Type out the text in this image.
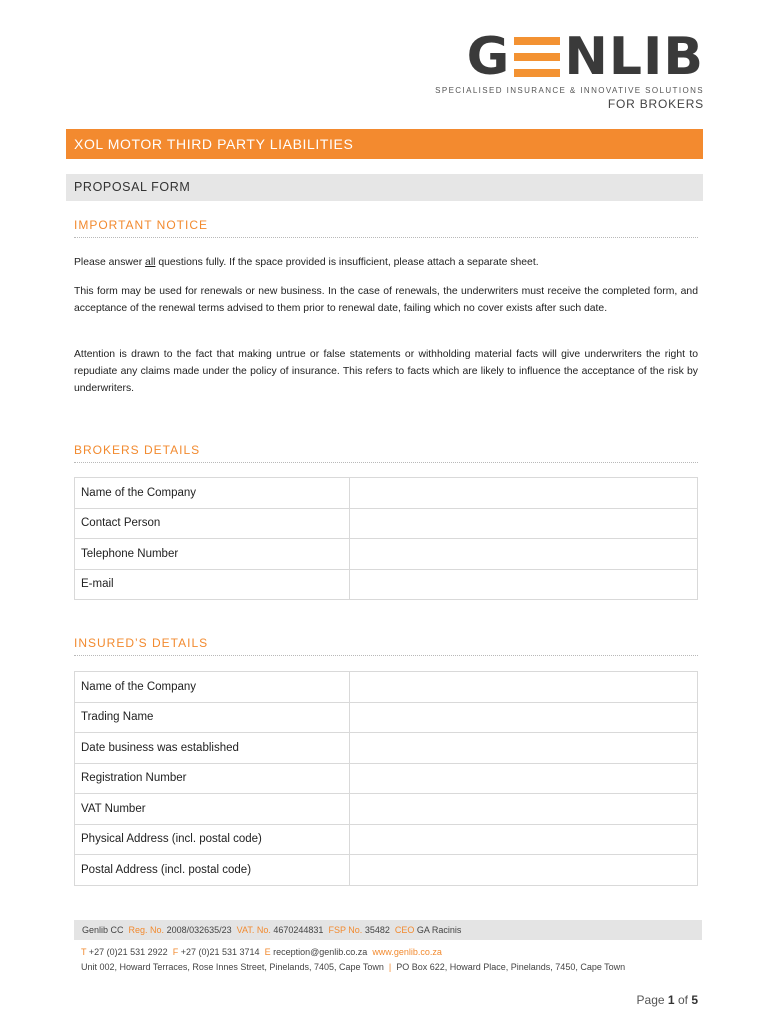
G NLIB
SPECIALISED INSURANCE & INNOVATIVE SOLUTIONS
FOR BROKERS
XOL MOTOR THIRD PARTY LIABILITIES
PROPOSAL FORM
IMPORTANT NOTICE
Please answer all questions fully. If the space provided is insufficient, please attach a separate sheet.
This form may be used for renewals or new business. In the case of renewals, the underwriters must receive the completed form, and acceptance of the renewal terms advised to them prior to renewal date, failing which no cover exists after such date.
Attention is drawn to the fact that making untrue or false statements or withholding material facts will give underwriters the right to repudiate any claims made under the policy of insurance. This refers to facts which are likely to influence the acceptance of the risk by underwriters.
BROKERS DETAILS
Name of the Company	
Contact Person	
Telephone Number	
E-mail	
INSURED’S DETAILS
Name of the Company	
Trading Name	
Date business was established	
Registration Number	
VAT Number	
Physical Address (incl. postal code)	
Postal Address (incl. postal code)	
Genlib CC Reg. No. 2008/032635/23 VAT. No. 4670244831 FSP No. 35482 CEO GA Racinis
T +27 (0)21 531 2922 F +27 (0)21 531 3714 E reception@genlib.co.za www.genlib.co.za
Unit 002, Howard Terraces, Rose Innes Street, Pinelands, 7405, Cape Town | PO Box 622, Howard Place, Pinelands, 7450, Cape Town
Page 1 of 5
